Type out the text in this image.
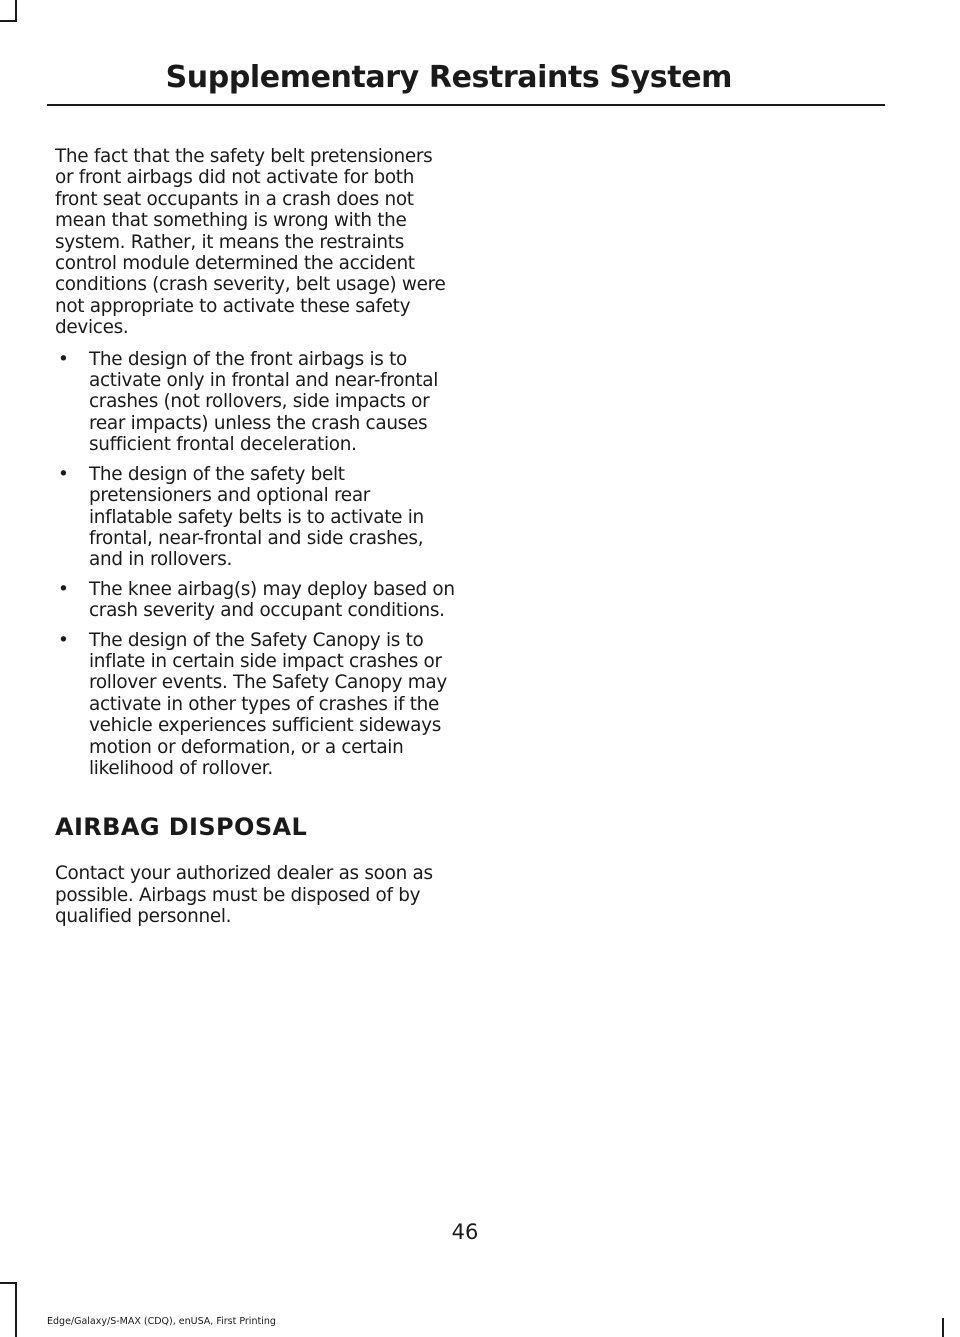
Supplementary Restraints System

The fact that the safety belt pretensioners or front airbags did not activate for both front seat occupants in a crash does not mean that something is wrong with the system. Rather, it means the restraints control module determined the accident conditions (crash severity, belt usage) were not appropriate to activate these safety devices.

• The design of the front airbags is to activate only in frontal and near-frontal crashes (not rollovers, side impacts or rear impacts) unless the crash causes sufficient frontal deceleration.
• The design of the safety belt pretensioners and optional rear inflatable safety belts is to activate in frontal, near-frontal and side crashes, and in rollovers.
• The knee airbag(s) may deploy based on crash severity and occupant conditions.
• The design of the Safety Canopy is to inflate in certain side impact crashes or rollover events. The Safety Canopy may activate in other types of crashes if the vehicle experiences sufficient sideways motion or deformation, or a certain likelihood of rollover.
AIRBAG DISPOSAL

Contact your authorized dealer as soon as possible. Airbags must be disposed of by qualified personnel.

46
Edge/Galaxy/S-MAX (CDQ), enUSA, First Printing
